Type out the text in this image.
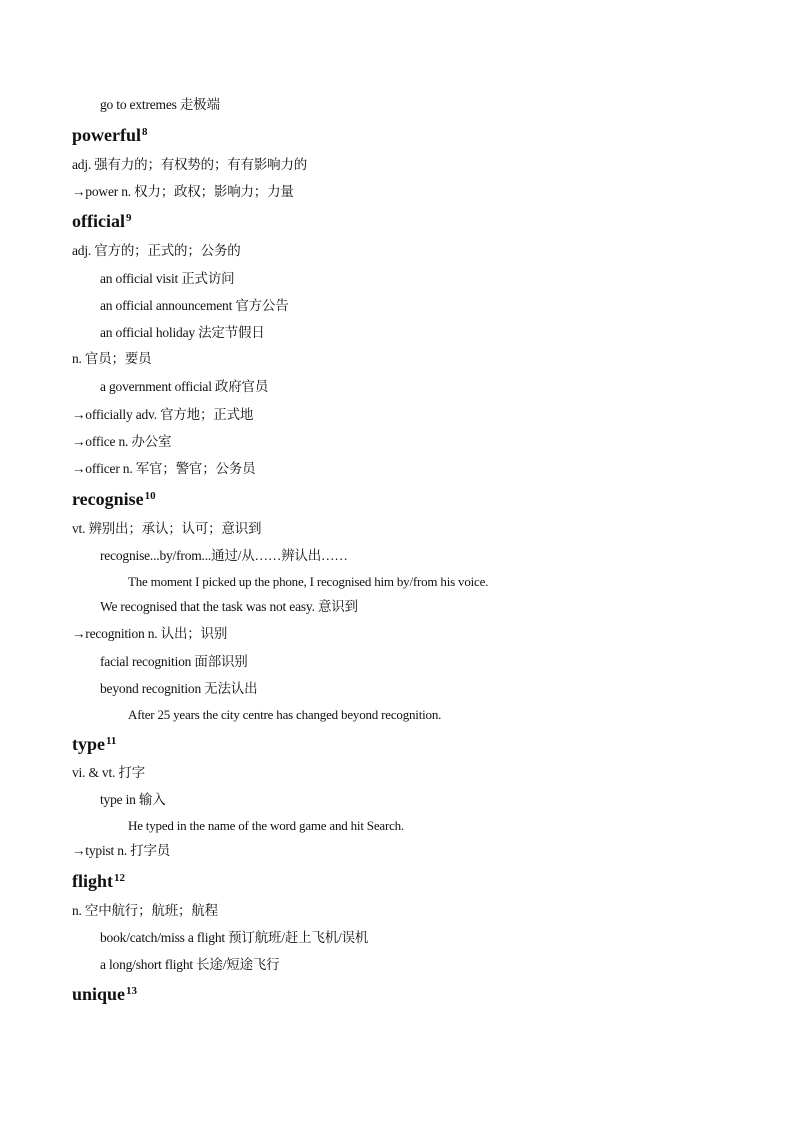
go to extremes 走极端
powerful$^8$
adj. 强有力的；有权势的；有有影响力的
→power n. 权力；政权；影响力；力量
official$^9$
adj. 官方的；正式的；公务的
an official visit 正式访问
an official announcement 官方公告
an official holiday 法定节假日
n. 官员；要员
a government official 政府官员
→officially adv. 官方地；正式地
→office n. 办公室
→officer n. 军官；警官；公务员
recognise$^{10}$
vt. 辨别出；承认；认可；意识到
recognise...by/from...通过/从……辨认出……
The moment I picked up the phone, I recognised him by/from his voice.
We recognised that the task was not easy. 意识到
→recognition n. 认出；识别
facial recognition 面部识别
beyond recognition 无法认出
After 25 years the city centre has changed beyond recognition.
type$^{11}$
vi. & vt. 打字
type in 输入
He typed in the name of the word game and hit Search.
→typist n. 打字员
flight$^{12}$
n. 空中航行；航班；航程
book/catch/miss a flight 预订航班/赶上飞机/误机
a long/short flight 长途/短途飞行
unique$^{13}$
